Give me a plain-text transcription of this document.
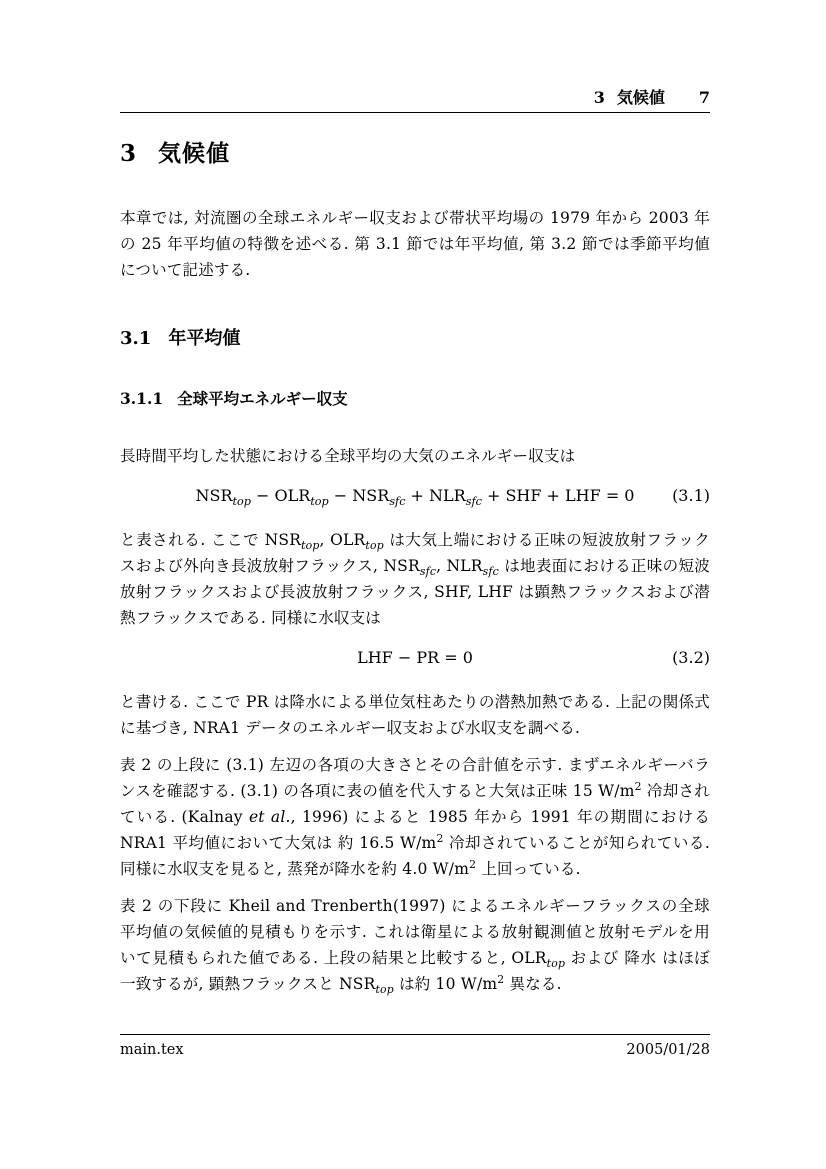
3 気候値 7
3 気候値

本章では, 対流圏の全球エネルギー収支および帯状平均場の 1979 年から 2003 年の 25 年平均値の特徴を述べる. 第 3.1 節では年平均値, 第 3.2 節では季節平均値について記述する.

3.1 年平均値
3.1.1 全球平均エネルギー収支

長時間平均した状態における全球平均の大気のエネルギー収支は

$NSR_{top} - OLR_{top} - NSR_{sfc} + NLR_{sfc}$ + SHF + LHF = 0 (3.1)

と表される. ここで $NSR_{top}$, $OLR_{top}$ は大気上端における正味の短波放射フラックスおよび外向き長波放射フラックス, $NSR_{sfc}$, $NLR_{sfc}$ は地表面における正味の短波放射フラックスおよび長波放射フラックス, SHF, LHF は顕熱フラックスおよび潜熱フラックスである. 同様に水収支は

LHF − PR = 0	(3.2)

と書ける. ここで PR は降水による単位気柱あたりの潜熱加熱である. 上記の関係式に基づき, NRA1 データのエネルギー収支および水収支を調べる.

表 2 の上段に (3.1) 左辺の各項の大きさとその合計値を示す. まずエネルギーバランスを確認する. (3.1) の各項に表の値を代入すると大気は正味 15 $W/m^2$ 冷却されている. (Kalnay et al., 1996) によると 1985 年から 1991 年の期間における NRA1 平均値において大気は 約 16.5 $W/m^2$ 冷却されていることが知られている. 同様に水収支を見ると, 蒸発が降水を約 4.0 $W/m^2$ 上回っている.

表 2 の下段に Kheil and Trenberth(1997) によるエネルギーフラックスの全球平均値の気候値的見積もりを示す. これは衛星による放射観測値と放射モデルを用いて見積もられた値である. 上段の結果と比較すると, $OLR_{top}$ および 降水 はほぼ一致するが, 顕熱フラックスと $NSR_{top}$ は約 10 $W/m^2$ 異なる.

main.tex	2005/01/28
